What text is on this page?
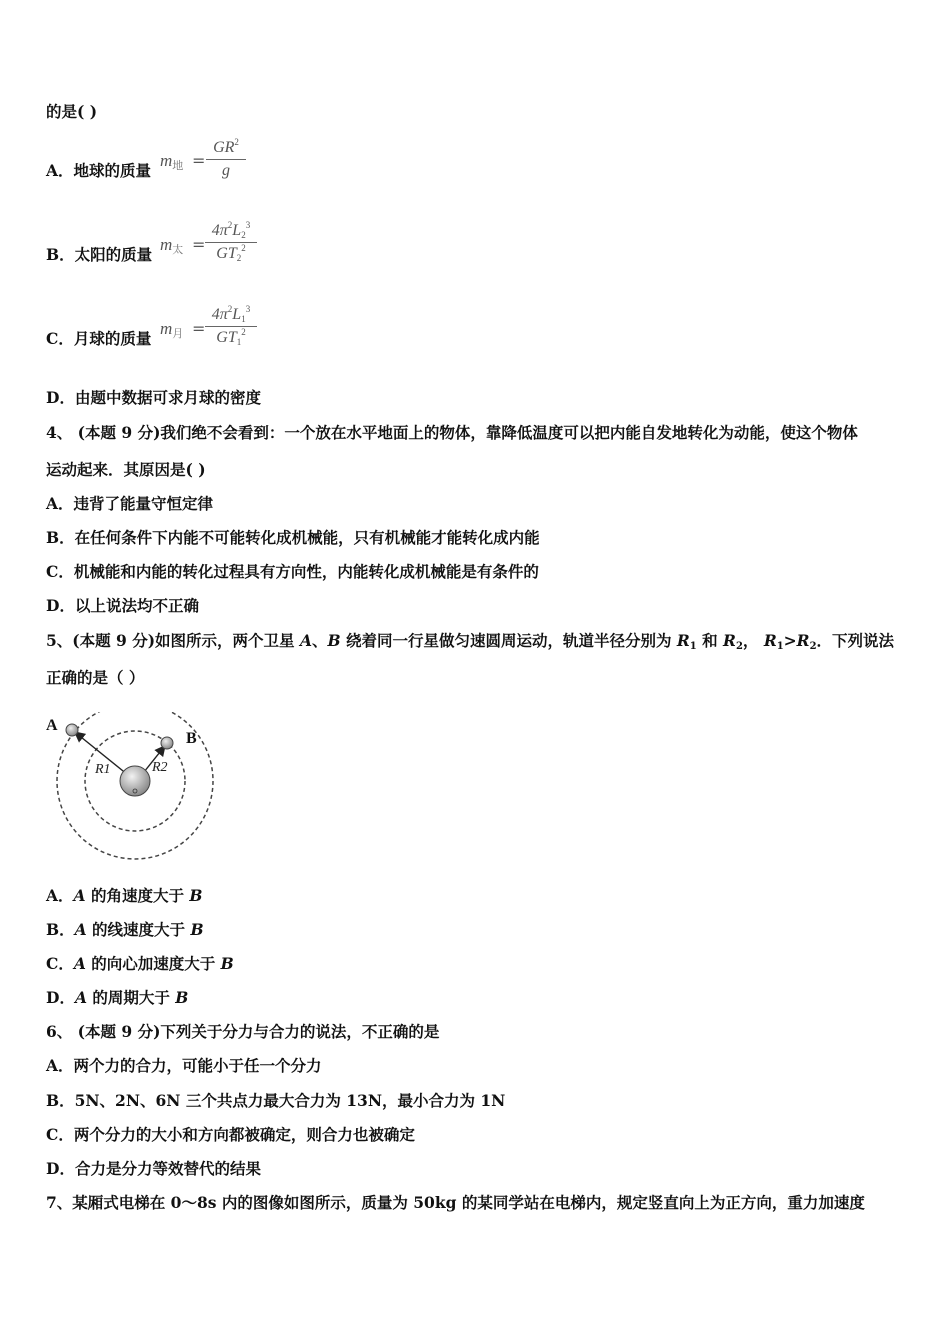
的是( )
A．地球的质量
m地 =
$GR^2$
g
B．太阳的质量
m太 =
$4\pi^2L2^3$
$GT2^2$
C．月球的质量
m月 =
$4\pi^2L1^3$
$GT1^2$
D．由题中数据可求月球的密度
4、 (本题 9 分)我们绝不会看到：一个放在水平地面上的物体，靠降低温度可以把内能自发地转化为动能，使这个物体
运动起来．其原因是( )
A．违背了能量守恒定律
B．在任何条件下内能不可能转化成机械能，只有机械能才能转化成内能
C．机械能和内能的转化过程具有方向性，内能转化成机械能是有条件的
D．以上说法均不正确
5、(本题 9 分)如图所示，两个卫星 A、B 绕着同一行星做匀速圆周运动，轨道半径分别为 R1 和 R2， R1>R2．下列说法
正确的是（ ）
A
B
R1	R2
A．A 的角速度大于 B
B．A 的线速度大于 B
C．A 的向心加速度大于 B
D．A 的周期大于 B
6、 (本题 9 分)下列关于分力与合力的说法，不正确的是
A．两个力的合力，可能小于任一个分力
B．5N、2N、6N 三个共点力最大合力为 13N，最小合力为 1N
C．两个分力的大小和方向都被确定，则合力也被确定
D．合力是分力等效替代的结果
7、某厢式电梯在 0～8s 内的图像如图所示，质量为 50kg 的某同学站在电梯内，规定竖直向上为正方向，重力加速度
